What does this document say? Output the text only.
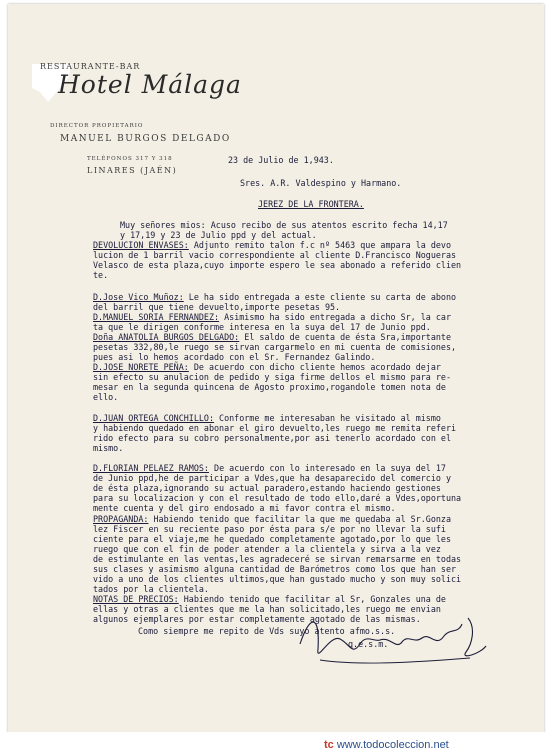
RESTAURANTE-BAR
Hotel Málaga
DIRECTOR PROPIETARIO
MANUEL BURGOS DELGADO
TELÉFONOS 317 Y 318
LINARES (JAÉN)
23 de Julio de 1,943.
Sres. A.R. Valdespino y Harmano.
JEREZ DE LA FRONTERA.
Muy señores mios: Acuso recibo de sus atentos escrito fecha 14,17
y 17,19 y 23 de Julio ppd y del actual.
DEVOLUCION ENVASES: Adjunto remito talon f.c nº 5463 que ampara la devo
lucion de 1 barril vacio correspondiente al cliente D.Francisco Nogueras
Velasco de esta plaza,cuyo importe espero le sea abonado a referido clien
te.
D.Jose Vico Muñoz: Le ha sido entregada a este cliente su carta de abono
del barril que tiene devuelto,importe pesetas 95.
D.MANUEL SORIA FERNANDEZ: Asimismo ha sido entregada a dicho Sr, la car
ta que le dirigen conforme interesa en la suya del 17 de Junio ppd.
Doña ANATOLIA BURGOS DELGADO: El saldo de cuenta de ésta Sra,importante
pesetas 332,80,le ruego se sirvan cargarmelo en mi cuenta de comisiones,
pues asi lo hemos acordado con el Sr. Fernandez Galindo.
D.JOSE NORETE PEÑA: De acuerdo con dicho cliente hemos acordado dejar
sin efecto su anulacion de pedido y siga firme dellos el mismo para re-
mesar en la segunda quincena de Agosto proximo,rogandole tomen nota de
ello.
D.JUAN ORTEGA CONCHILLO: Conforme me interesaban he visitado al mismo
y habiendo quedado en abonar el giro devuelto,les ruego me remita referi
rido efecto para su cobro personalmente,por asi tenerlo acordado con el
mismo.
D.FLORIAN PELAEZ RAMOS: De acuerdo con lo interesado en la suya del 17
de Junio ppd,he de participar a Vdes,que ha desaparecido del comercio y
de ésta plaza,ignorando su actual paradero,estando haciendo gestiones
para su localizacion y con el resultado de todo ello,daré a Vdes,oportuna
mente cuenta y del giro endosado a mi favor contra el mismo.
PROPAGANDA: Habiendo tenido que facilitar la que me quedaba al Sr.Gonza
lez Fiscer en su reciente paso por ésta para s/e por no llevar la sufi
ciente para el viaje,me he quedado completamente agotado,por lo que les
ruego que con el fin de poder atender a la clientela y sirva a la vez
de estimulante en las ventas,les agradeceré se sirvan remarsarme en todas
sus clases y asimismo alguna cantidad de Barómetros como los que han ser
vido a uno de los clientes ultimos,que han gustado mucho y son muy solici
tados por la clientela.
NOTAS DE PRECIOS: Habiendo tenido que facilitar al Sr, Gonzales una de
ellas y otras a clientes que me la han solicitado,les ruego me envian
algunos ejemplares por estar completamente agotado de las mismas.
Como siempre me repito de Vds suyo atento afmo.s.s.
q.e.s.m.
tc www.todocoleccion.net
